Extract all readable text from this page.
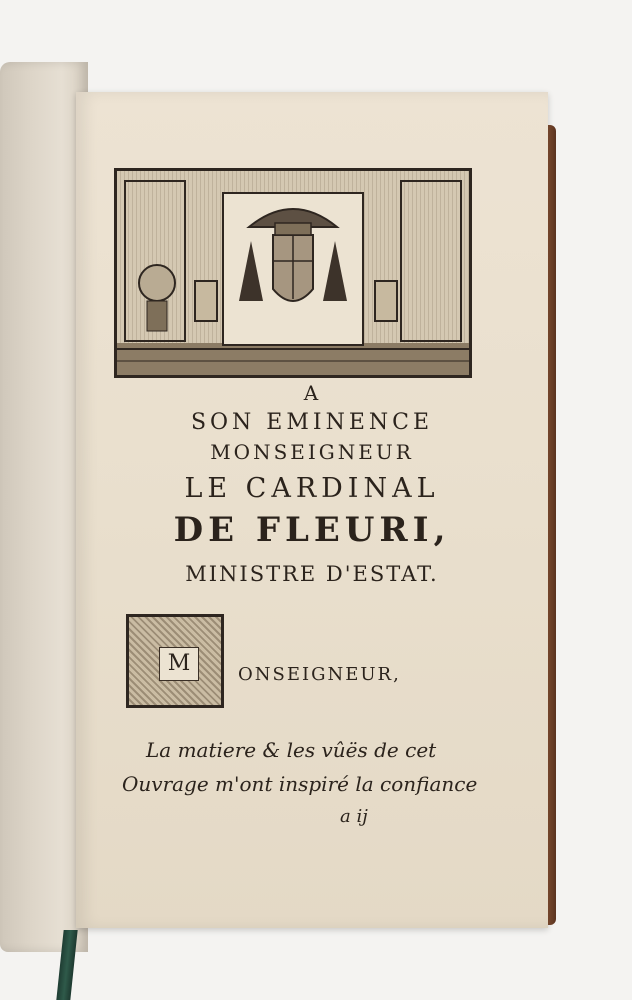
A
SON EMINENCE
MONSEIGNEUR
LE CARDINAL
DE FLEURI,
MINISTRE D'ESTAT.
M	ONSEIGNEUR,
La matiere & les vûës de cet
Ouvrage m'ont inspiré la confiance
a ij
